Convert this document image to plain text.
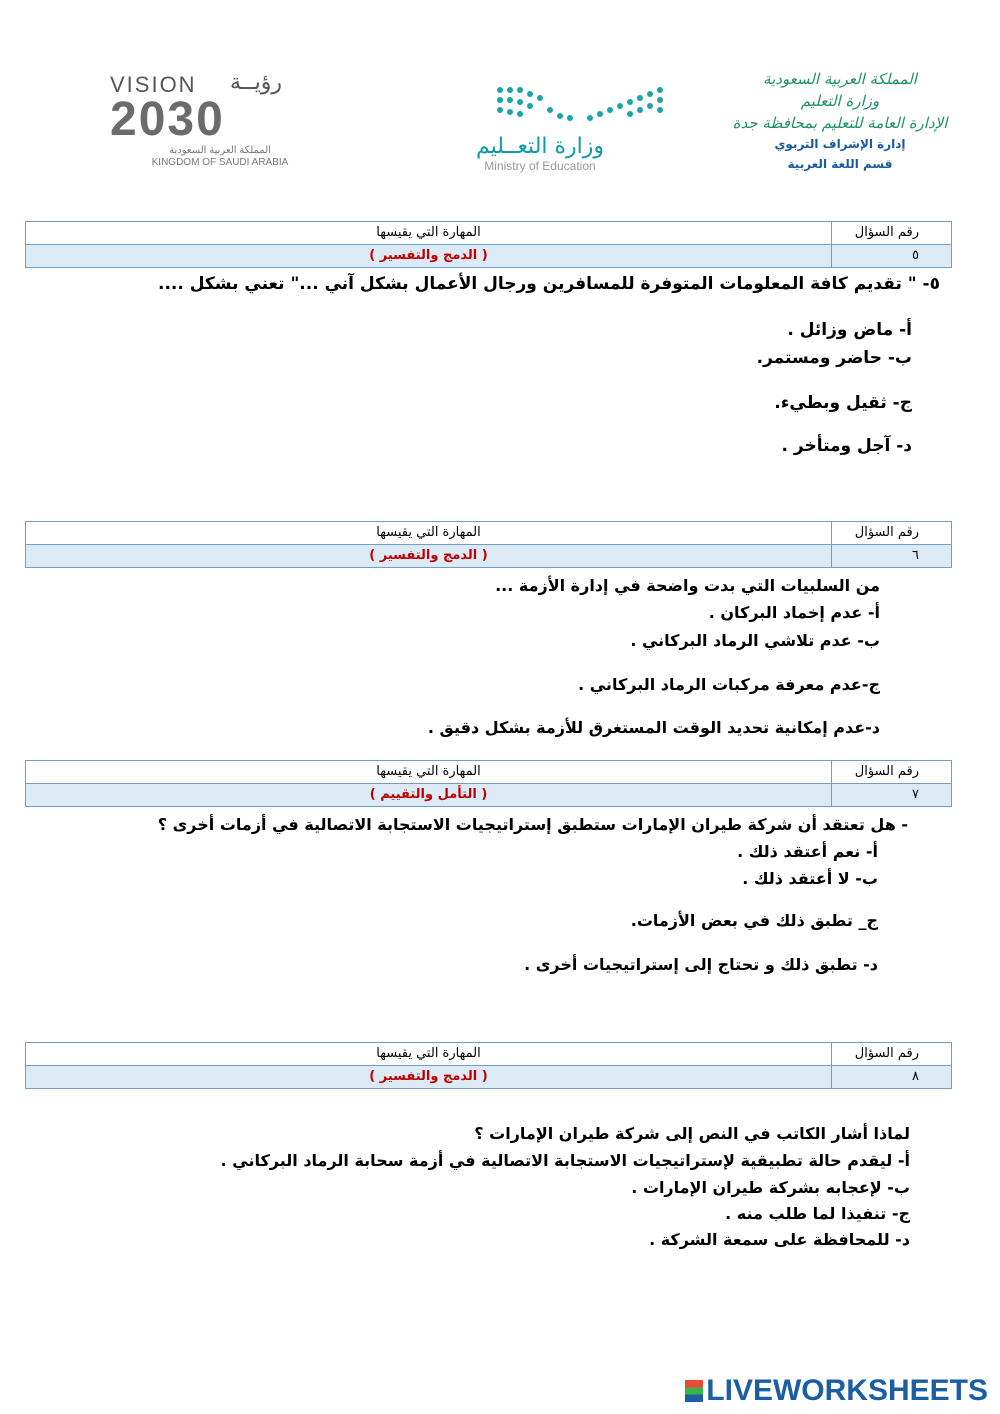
VISION رؤيــة
2030
المملكة العربية السعودية
KINGDOM OF SAUDI ARABIA
وزارة التعــليم
Ministry of Education
المملكة العربية السعودية
وزارة التعليم
الإدارة العامة للتعليم بمحافظة جدة
إدارة الإشراف التربوي
قسم اللغة العربية
رقم السؤال
المهارة التي يقيسها
٥
( الدمج والتفسير )
٥- " تقديم كافة المعلومات المتوفرة للمسافرين ورجال الأعمال بشكل آني ..." تعني بشكل ....
أ- ماض وزائل .
ب- حاضر ومستمر.
ج- ثقيل وبطيء.
د- آجل ومتأخر .
رقم السؤال
المهارة التي يقيسها
٦
( الدمج والتفسير )
من السلبيات التي بدت واضحة في إدارة الأزمة ...
أ- عدم إخماد البركان .
ب- عدم تلاشي الرماد البركاني .
ج-عدم معرفة مركبات الرماد البركاني .
د-عدم إمكانية تحديد الوقت المستغرق للأزمة بشكل دقيق .
رقم السؤال
المهارة التي يقيسها
٧
( التأمل والتقييم )
- هل تعتقد أن شركة طيران الإمارات ستطبق إستراتيجيات الاستجابة الاتصالية في أزمات أخرى ؟
أ- نعم أعتقد ذلك .
ب- لا أعتقد ذلك .
ج_ تطبق ذلك في بعض الأزمات.
د- تطبق ذلك و تحتاج إلى إستراتيجيات أخرى .
رقم السؤال
المهارة التي يقيسها
٨
( الدمج والتفسير )
لماذا أشار الكاتب في النص إلى شركة طيران الإمارات ؟
أ- ليقدم حالة تطبيقية لإستراتيجيات الاستجابة الاتصالية في أزمة سحابة الرماد البركاني .
ب- لإعجابه بشركة طيران الإمارات .
ج- تنفيذا لما طلب منه .
د- للمحافظة على سمعة الشركة .
LIVEWORKSHEETS
